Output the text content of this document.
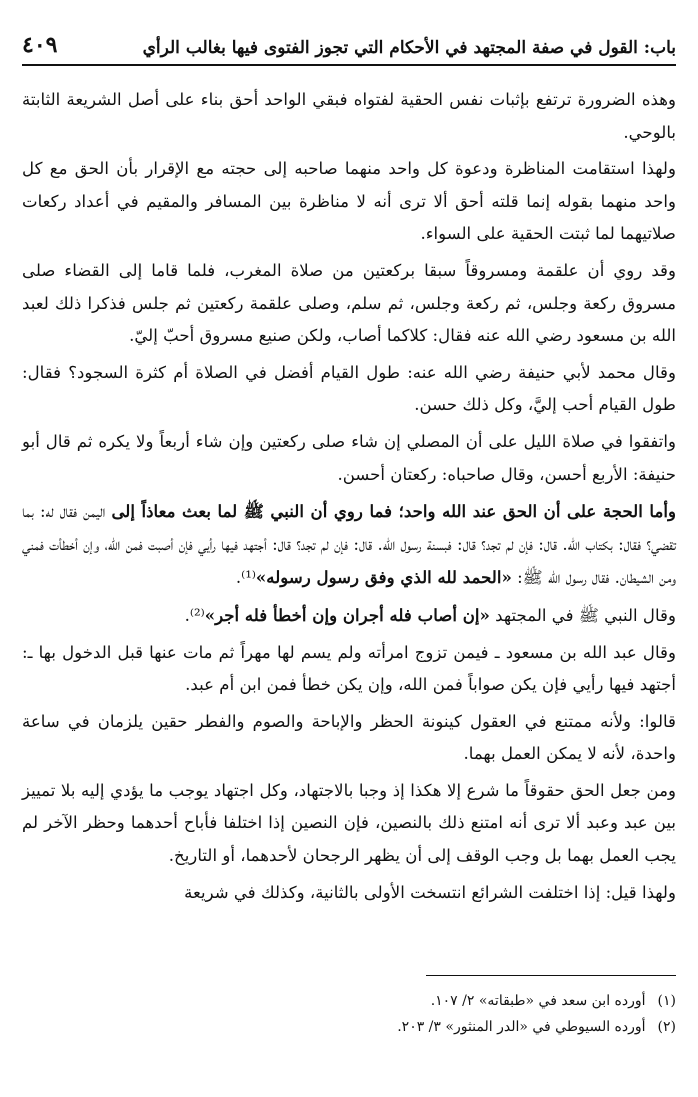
باب: القول في صفة المجتهد في الأحكام التي تجوز الفتوى فيها بغالب الرأي
٤٠٩

وهذه الضرورة ترتفع بإثبات نفس الحقية لفتواه فبقي الواحد أحق بناء على أصل الشريعة الثابتة بالوحي.

ولهذا استقامت المناظرة ودعوة كل واحد منهما صاحبه إلى حجته مع الإقرار بأن الحق مع كل واحد منهما بقوله إنما قلته أحق ألا ترى أنه لا مناظرة بين المسافر والمقيم في أعداد ركعات صلاتيهما لما ثبتت الحقية على السواء.

وقد روي أن علقمة ومسروقاً سبقا بركعتين من صلاة المغرب، فلما قاما إلى القضاء صلى مسروق ركعة وجلس، ثم ركعة وجلس، ثم سلم، وصلى علقمة ركعتين ثم جلس فذكرا ذلك لعبد الله بن مسعود رضي الله عنه فقال: كلاكما أصاب، ولكن صنيع مسروق أحبّ إليّ.

وقال محمد لأبي حنيفة رضي الله عنه: طول القيام أفضل في الصلاة أم كثرة السجود؟ فقال: طول القيام أحب إليَّ، وكل ذلك حسن.

واتفقوا في صلاة الليل على أن المصلي إن شاء صلى ركعتين وإن شاء أربعاً ولا يكره ثم قال أبو حنيفة: الأربع أحسن، وقال صاحباه: ركعتان أحسن.

وأما الحجة على أن الحق عند الله واحد؛ فما روي أن النبي ﷺ لما بعث معاذاً إلى اليمن فقال له: بما تقضي؟ فقال: بكتاب الله. قال: فإن لم تجد؟ قال: فبسنة رسول الله. قال: فإن لم تجد؟ قال: أجتهد فيها رأيي فإن أصبت فمن الله، وإن أخطأت فمني ومن الشيطان. فقال رسول الله ﷺ: «الحمد لله الذي وفق رسول رسوله»⁽¹⁾.

وقال النبي ﷺ في المجتهد «إن أصاب فله أجران وإن أخطأ فله أجر»⁽²⁾.

وقال عبد الله بن مسعود ـ فيمن تزوج امرأته ولم يسم لها مهراً ثم مات عنها قبل الدخول بها ـ: أجتهد فيها رأيي فإن يكن صواباً فمن الله، وإن يكن خطأ فمن ابن أم عبد.

قالوا: ولأنه ممتنع في العقول كينونة الحظر والإباحة والصوم والفطر حقين يلزمان في ساعة واحدة، لأنه لا يمكن العمل بهما.

ومن جعل الحق حقوقاً ما شرع إلا هكذا إذ وجبا بالاجتهاد، وكل اجتهاد يوجب ما يؤدي إليه بلا تمييز بين عبد وعبد ألا ترى أنه امتنع ذلك بالنصين، فإن النصين إذا اختلفا فأباح أحدهما وحظر الآخر لم يجب العمل بهما بل وجب الوقف إلى أن يظهر الرجحان لأحدهما، أو التاريخ.

ولهذا قيل: إذا اختلفت الشرائع انتسخت الأولى بالثانية، وكذلك في شريعة

(١)أورده ابن سعد في «طبقاته» ٢/ ١٠٧.

(٢)أورده السيوطي في «الدر المنثور» ٣/ ٢٠٣.
